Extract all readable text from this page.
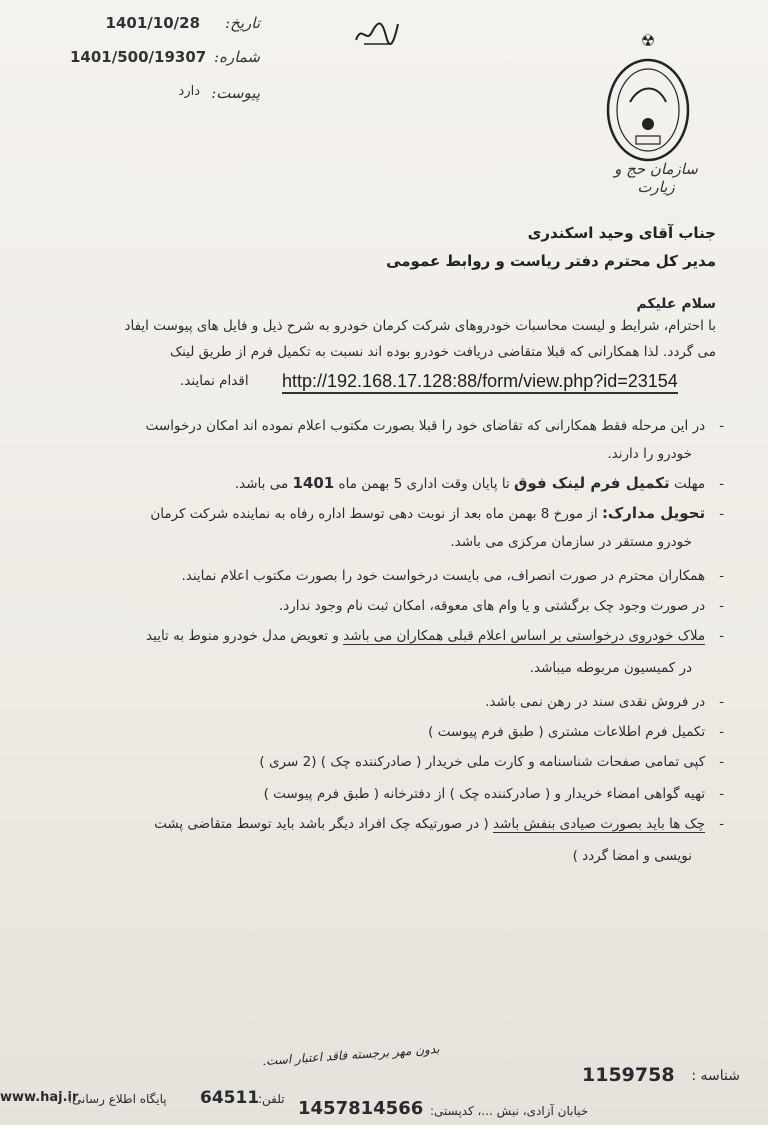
1401/10/28 تاریخ:
1401/500/19307 شماره:
دارد پیوست:
☢
سازمان حج و زیارت
جناب آقای وحید اسکندری
مدیر کل محترم دفتر ریاست و روابط عمومی
سلام علیکم
با احترام، شرایط و لیست محاسبات خودروهای شرکت کرمان خودرو به شرح ذیل و فایل های پیوست ایفاد
می گردد. لذا همکارانی که قبلا متقاضی دریافت خودرو بوده اند نسبت به تکمیل فرم از طریق لینک
اقدام نمایند. http://192.168.17.128:88/form/view.php?id=23154
-در این مرحله فقط همکارانی که تقاضای خود را قبلا بصورت مکتوب اعلام نموده اند امکان درخواست
خودرو را دارند.
-مهلت تکمیل فرم لینک فوق تا پایان وقت اداری 5 بهمن ماه 1401 می باشد.
-تحویل مدارک: از مورخ 8 بهمن ماه بعد از نوبت دهی توسط اداره رفاه به نماینده شرکت کرمان
خودرو مستقر در سازمان مرکزی می باشد.
-همکاران محترم در صورت انصراف، می بایست درخواست خود را بصورت مکتوب اعلام نمایند.
-در صورت وجود چک برگشتی و یا وام های معوقه، امکان ثبت نام وجود ندارد.
-ملاک خودروی درخواستی بر اساس اعلام قبلی همکاران می باشد و تعویض مدل خودرو منوط به تایید
در کمیسیون مربوطه میباشد.
-در فروش نقدی سند در رهن نمی باشد.
-تکمیل فرم اطلاعات مشتری ( طبق فرم پیوست )
-کپی تمامی صفحات شناسنامه و کارت ملی خریدار ( صادرکننده چک ) (2 سری )
-تهیه گواهی امضاء خریدار و ( صادرکننده چک ) از دفترخانه ( طبق فرم پیوست )
-چک ها باید بصورت صیادی بنفش باشد ( در صورتیکه چک افراد دیگر باشد باید توسط متقاضی پشت
نویسی و امضا گردد )
بدون مهر برجسته فاقد اعتبار است.
شناسه :
1159758
www.haj.ir
پایگاه اطلاع رسانی: 64511
تلفن: 1457814566 خیابان آزادی، نبش ...، کدپستی:
